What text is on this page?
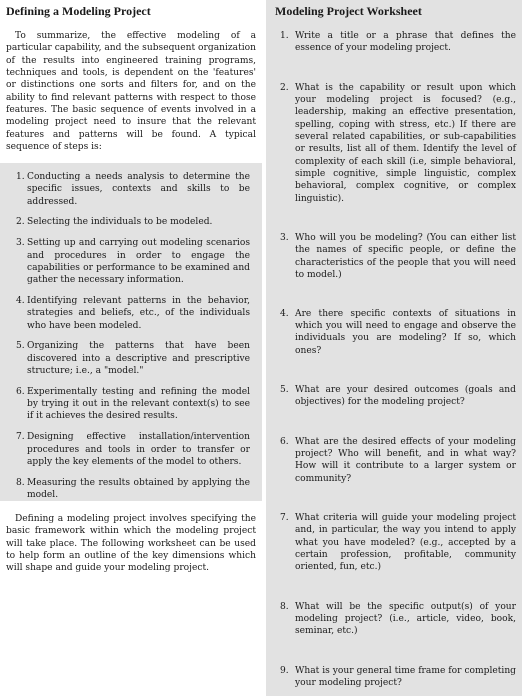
Defining a Modeling Project

To summarize, the effective modeling of a particular capability, and the subsequent organization of the results into engineered training programs, techniques and tools, is dependent on the 'features' or distinctions one sorts and filters for, and on the ability to find relevant patterns with respect to those features. The basic sequence of events involved in a modeling project need to insure that the relevant features and patterns will be found. A typical sequence of steps is:

1. Conducting a needs analysis to determine the specific issues, contexts and skills to be addressed.
2. Selecting the individuals to be modeled.
3. Setting up and carrying out modeling scenarios and procedures in order to engage the capabilities or performance to be examined and gather the necessary information.
4. Identifying relevant patterns in the behavior, strategies and beliefs, etc., of the individuals who have been modeled.
5. Organizing the patterns that have been discovered into a descriptive and prescriptive structure; i.e., a "model."
6. Experimentally testing and refining the model by trying it out in the relevant context(s) to see if it achieves the desired results.
7. Designing effective installation/intervention procedures and tools in order to transfer or apply the key elements of the model to others.
8. Measuring the results obtained by applying the model.

Defining a modeling project involves specifying the basic framework within which the modeling project will take place. The following worksheet can be used to help form an outline of the key dimensions which will shape and guide your modeling project.

Modeling Project Worksheet
1. Write a title or a phrase that defines the essence of your modeling project.
2. What is the capability or result upon which your modeling project is focused? (e.g., leadership, making an effective presentation, spelling, coping with stress, etc.) If there are several related capabilities, or sub-capabilities or results, list all of them. Identify the level of complexity of each skill (i.e, simple behavioral, simple cognitive, simple linguistic, complex behavioral, complex cognitive, or complex linguistic).
3. Who will you be modeling? (You can either list the names of specific people, or define the characteristics of the people that you will need to model.)
4. Are there specific contexts of situations in which you will need to engage and observe the individuals you are modeling? If so, which ones?
5. What are your desired outcomes (goals and objectives) for the modeling project?
6. What are the desired effects of your modeling project? Who will benefit, and in what way? How will it contribute to a larger system or community?
7. What criteria will guide your modeling project and, in particular, the way you intend to apply what you have modeled? (e.g., accepted by a certain profession, profitable, community oriented, fun, etc.)
8. What will be the specific output(s) of your modeling project? (i.e., article, video, book, seminar, etc.)
9. What is your general time frame for completing your modeling project?
